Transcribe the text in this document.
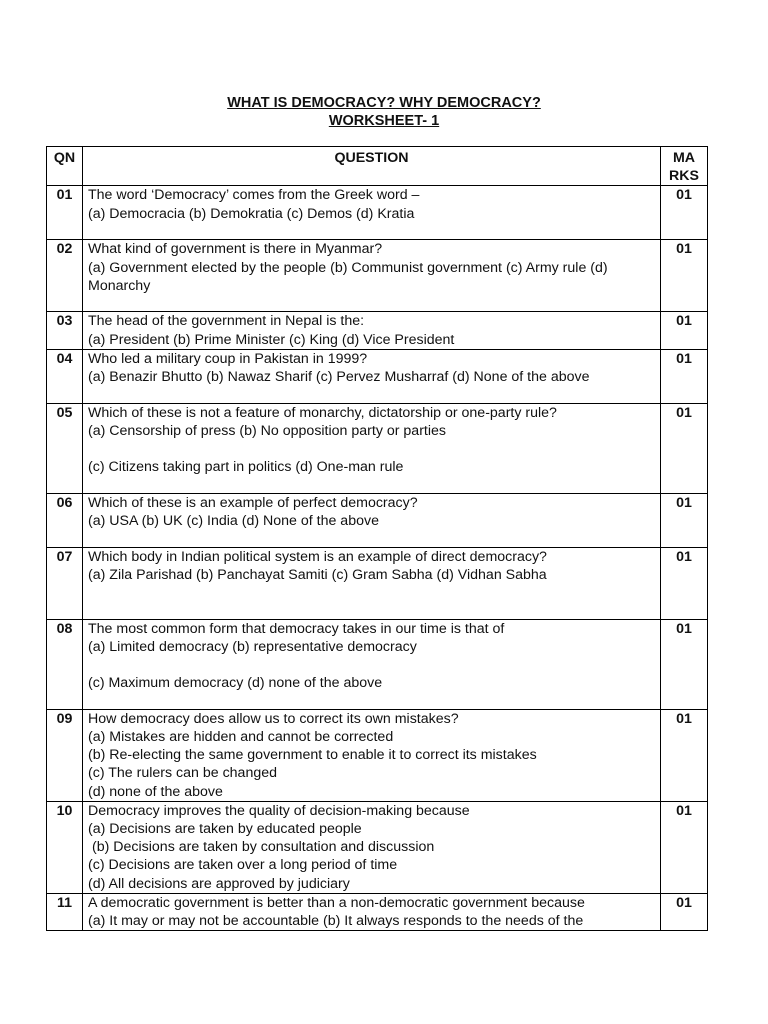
WHAT IS DEMOCRACY? WHY DEMOCRACY?
WORKSHEET- 1
QN	QUESTION	MA
RKS

01	The word ‘Democracy’ comes from the Greek word –
(a) Democracia (b) Demokratia (c) Demos (d) Kratia	01
02	What kind of government is there in Myanmar?
(a) Government elected by the people (b) Communist government (c) Army rule (d)
Monarchy	01
03	The head of the government in Nepal is the:
(a) President (b) Prime Minister (c) King (d) Vice President	01
04	Who led a military coup in Pakistan in 1999?
(a) Benazir Bhutto (b) Nawaz Sharif (c) Pervez Musharraf (d) None of the above	01
05	Which of these is not a feature of monarchy, dictatorship or one-party rule?
(a) Censorship of press (b) No opposition party or parties
(c) Citizens taking part in politics (d) One-man rule	01
06	Which of these is an example of perfect democracy?
(a) USA (b) UK (c) India (d) None of the above	01
07	Which body in Indian political system is an example of direct democracy?
(a) Zila Parishad (b) Panchayat Samiti (c) Gram Sabha (d) Vidhan Sabha	01
08	The most common form that democracy takes in our time is that of
(a) Limited democracy (b) representative democracy
(c) Maximum democracy (d) none of the above	01
09	How democracy does allow us to correct its own mistakes?
(a) Mistakes are hidden and cannot be corrected
(b) Re-electing the same government to enable it to correct its mistakes
(c) The rulers can be changed
(d) none of the above	01
10	Democracy improves the quality of decision-making because
(a) Decisions are taken by educated people
(b) Decisions are taken by consultation and discussion
(c) Decisions are taken over a long period of time
(d) All decisions are approved by judiciary	01
11	A democratic government is better than a non-democratic government because
(a) It may or may not be accountable (b) It always responds to the needs of the	01
